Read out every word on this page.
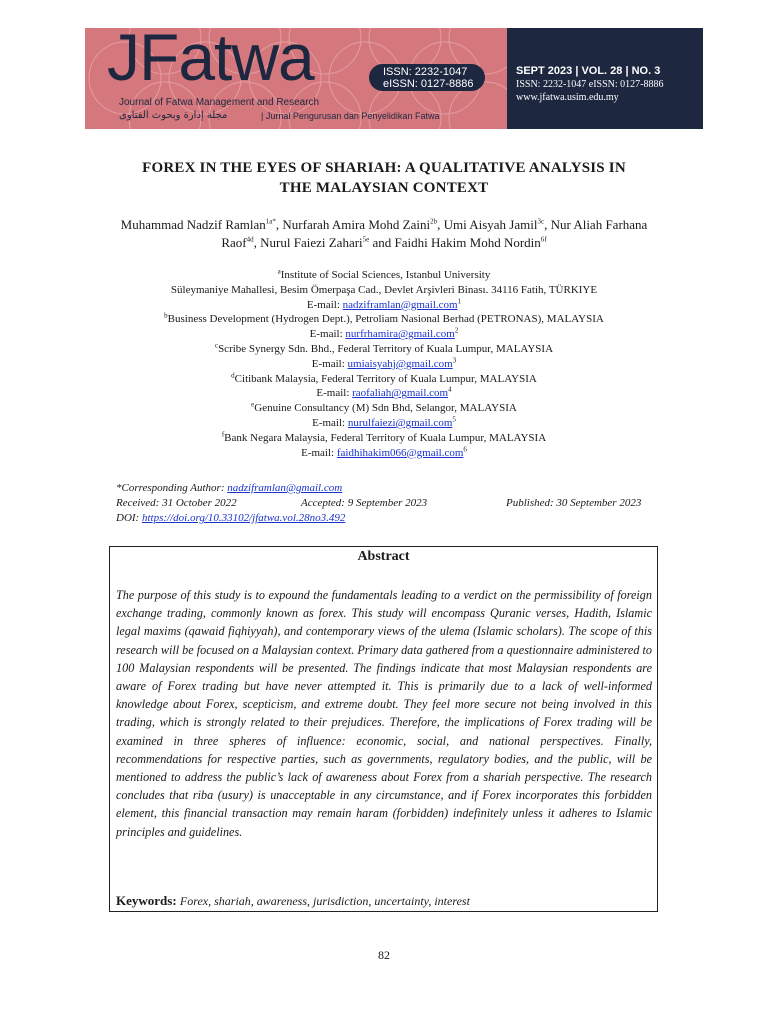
JFatwa	ISSN: 2232-1047
eISSN: 0127-8886
Journal of Fatwa Management and Research
مجلة إدارة وبحوث الفتاوى	| Jurnal Pengurusan dan Penyelidikan Fatwa
SEPT 2023 | VOL. 28 | NO. 3
ISSN: 2232-1047 eISSN: 0127-8886
www.jfatwa.usim.edu.my
FOREX IN THE EYES OF SHARIAH: A QUALITATIVE ANALYSIS IN
THE MALAYSIAN CONTEXT
Muhammad Nadzif Ramlan$^{1a*}$, Nurfarah Amira Mohd Zaini$^{2b}$, Umi Aisyah Jamil$^{3c}$, Nur Aliah Farhana Raof$^{4d}$, Nurul Faiezi Zahari$^{5e}$ and Faidhi Hakim Mohd Nordin$^{6f}$
$^a$Institute of Social Sciences, Istanbul University
Süleymaniye Mahallesi, Besim Ömerpaşa Cad., Devlet Arşivleri Binası. 34116 Fatih, TÜRKIYE
E-mail: nadziframlan@gmail.com$^1$
$^b$Business Development (Hydrogen Dept.), Petroliam Nasional Berhad (PETRONAS), MALAYSIA
E-mail: nurfrhamira@gmail.com$^2$
$^c$Scribe Synergy Sdn. Bhd., Federal Territory of Kuala Lumpur, MALAYSIA
E-mail: umiaisyahj@gmail.com$^3$
$^d$Citibank Malaysia, Federal Territory of Kuala Lumpur, MALAYSIA
E-mail: raofaliah@gmail.com$^4$
$^e$Genuine Consultancy (M) Sdn Bhd, Selangor, MALAYSIA
E-mail: nurulfaiezi@gmail.com$^5$
$^f$Bank Negara Malaysia, Federal Territory of Kuala Lumpur, MALAYSIA
E-mail: faidhihakim066@gmail.com$^6$
*Corresponding Author: nadziframlan@gmail.com
Received: 31 October 2022	Accepted: 9 September 2023	Published: 30 September 2023
DOI: https://doi.org/10.33102/jfatwa.vol.28no3.492
Abstract
The purpose of this study is to expound the fundamentals leading to a verdict on the permissibility of foreign exchange trading, commonly known as forex. This study will encompass Quranic verses, Hadith, Islamic legal maxims (qawaid fiqhiyyah), and contemporary views of the ulema (Islamic scholars). The scope of this research will be focused on a Malaysian context. Primary data gathered from a questionnaire administered to 100 Malaysian respondents will be presented. The findings indicate that most Malaysian respondents are aware of Forex trading but have never attempted it. This is primarily due to a lack of well-informed knowledge about Forex, scepticism, and extreme doubt. They feel more secure not being involved in this trading, which is strongly related to their prejudices. Therefore, the implications of Forex trading will be examined in three spheres of influence: economic, social, and national perspectives. Finally, recommendations for respective parties, such as governments, regulatory bodies, and the public, will be mentioned to address the public’s lack of awareness about Forex from a shariah perspective. The research concludes that riba (usury) is unacceptable in any circumstance, and if Forex incorporates this forbidden element, this financial transaction may remain haram (forbidden) indefinitely unless it adheres to Islamic principles and guidelines.
Keywords: Forex, shariah, awareness, jurisdiction, uncertainty, interest
82
